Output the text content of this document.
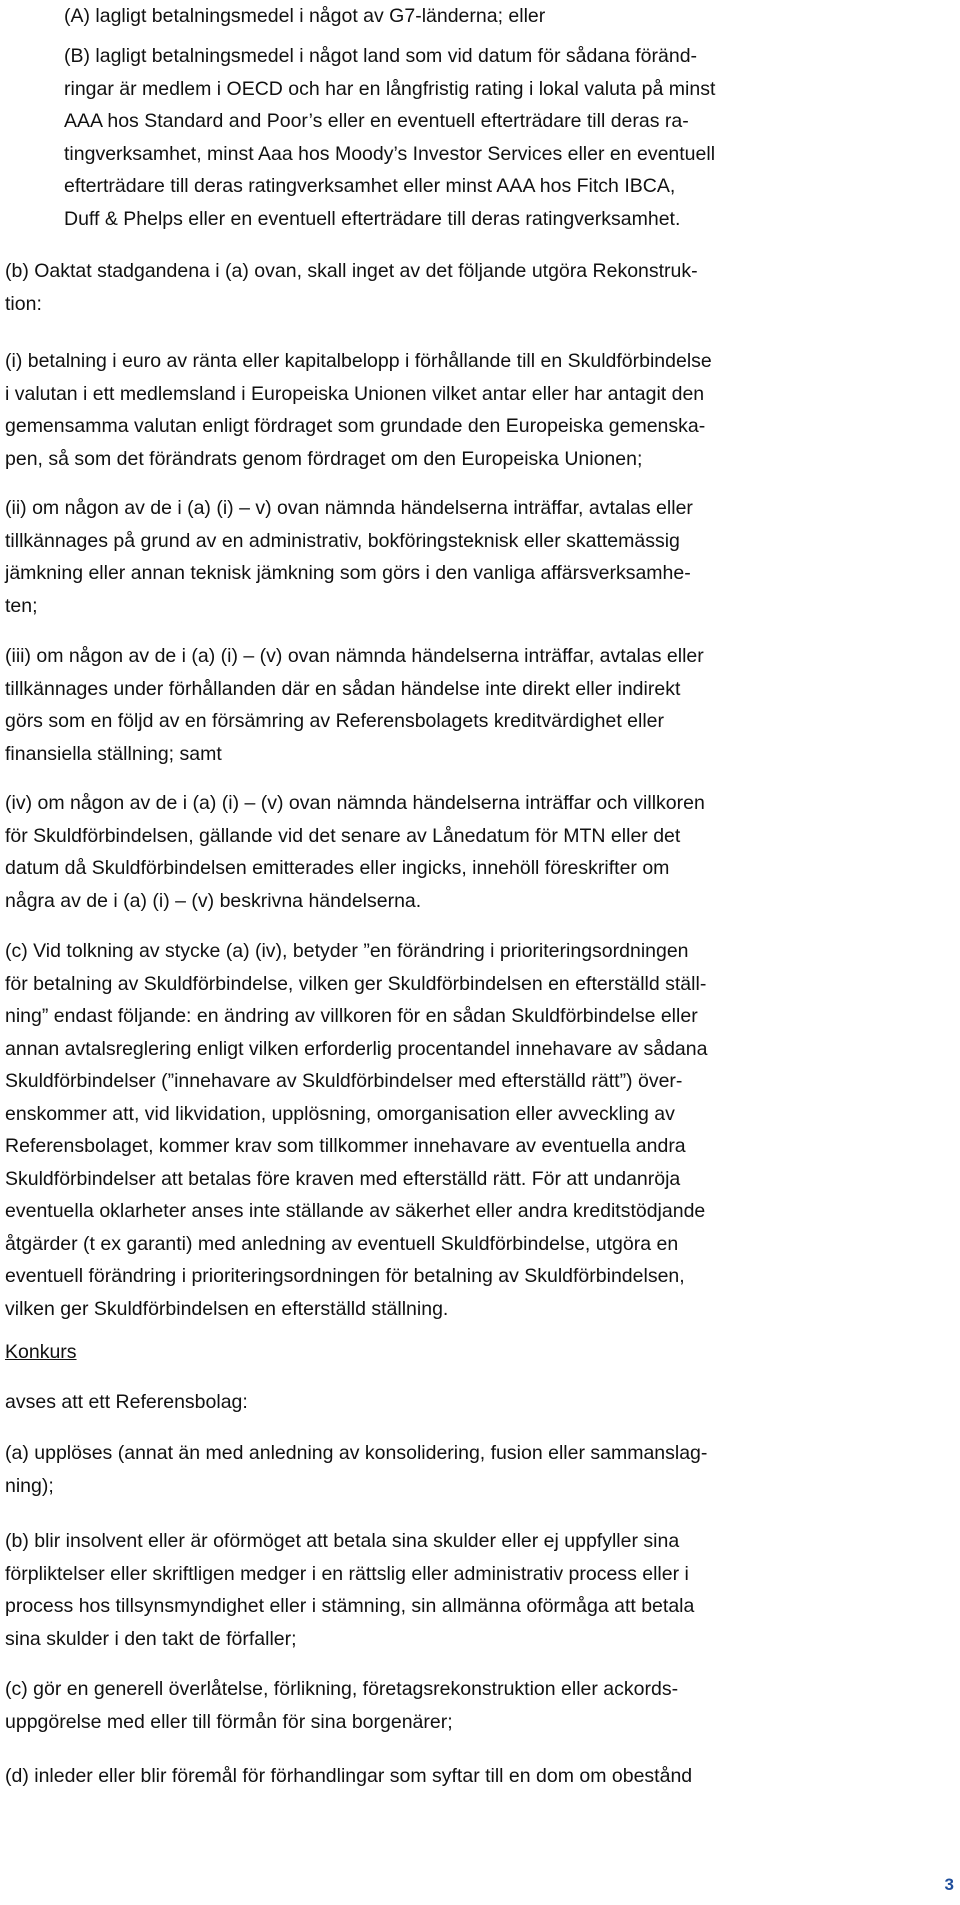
(A) lagligt betalningsmedel i något av G7-länderna; eller

(B) lagligt betalningsmedel i något land som vid datum för sådana föränd-
ringar är medlem i OECD och har en långfristig rating i lokal valuta på minst
AAA hos Standard and Poor’s eller en eventuell efterträdare till deras ra-
tingverksamhet, minst Aaa hos Moody’s Investor Services eller en eventuell
efterträdare till deras ratingverksamhet eller minst AAA hos Fitch IBCA,
Duff & Phelps eller en eventuell efterträdare till deras ratingverksamhet.

(b) Oaktat stadgandena i (a) ovan, skall inget av det följande utgöra Rekonstruk-
tion:

(i) betalning i euro av ränta eller kapitalbelopp i förhållande till en Skuldförbindelse
i valutan i ett medlemsland i Europeiska Unionen vilket antar eller har antagit den
gemensamma valutan enligt fördraget som grundade den Europeiska gemenska-
pen, så som det förändrats genom fördraget om den Europeiska Unionen;

(ii) om någon av de i (a) (i) – v) ovan nämnda händelserna inträffar, avtalas eller
tillkännages på grund av en administrativ, bokföringsteknisk eller skattemässig
jämkning eller annan teknisk jämkning som görs i den vanliga affärsverksamhe-
ten;

(iii) om någon av de i (a) (i) – (v) ovan nämnda händelserna inträffar, avtalas eller
tillkännages under förhållanden där en sådan händelse inte direkt eller indirekt
görs som en följd av en försämring av Referensbolagets kreditvärdighet eller
finansiella ställning; samt

(iv) om någon av de i (a) (i) – (v) ovan nämnda händelserna inträffar och villkoren
för Skuldförbindelsen, gällande vid det senare av Lånedatum för MTN eller det
datum då Skuldförbindelsen emitterades eller ingicks, innehöll föreskrifter om
några av de i (a) (i) – (v) beskrivna händelserna.

(c) Vid tolkning av stycke (a) (iv), betyder ”en förändring i prioriteringsordningen
för betalning av Skuldförbindelse, vilken ger Skuldförbindelsen en efterställd ställ-
ning” endast följande: en ändring av villkoren för en sådan Skuldförbindelse eller
annan avtalsreglering enligt vilken erforderlig procentandel innehavare av sådana
Skuldförbindelser (”innehavare av Skuldförbindelser med efterställd rätt”) över-
enskommer att, vid likvidation, upplösning, omorganisation eller avveckling av
Referensbolaget, kommer krav som tillkommer innehavare av eventuella andra
Skuldförbindelser att betalas före kraven med efterställd rätt. För att undanröja
eventuella oklarheter anses inte ställande av säkerhet eller andra kreditstödjande
åtgärder (t ex garanti) med anledning av eventuell Skuldförbindelse, utgöra en
eventuell förändring i prioriteringsordningen för betalning av Skuldförbindelsen,
vilken ger Skuldförbindelsen en efterställd ställning.

Konkurs

avses att ett Referensbolag:

(a) upplöses (annat än med anledning av konsolidering, fusion eller sammanslag-
ning);

(b) blir insolvent eller är oförmöget att betala sina skulder eller ej uppfyller sina
förpliktelser eller skriftligen medger i en rättslig eller administrativ process eller i
process hos tillsynsmyndighet eller i stämning, sin allmänna oförmåga att betala
sina skulder i den takt de förfaller;

(c) gör en generell överlåtelse, förlikning, företagsrekonstruktion eller ackords-
uppgörelse med eller till förmån för sina borgenärer;

(d) inleder eller blir föremål för förhandlingar som syftar till en dom om obestånd

3
